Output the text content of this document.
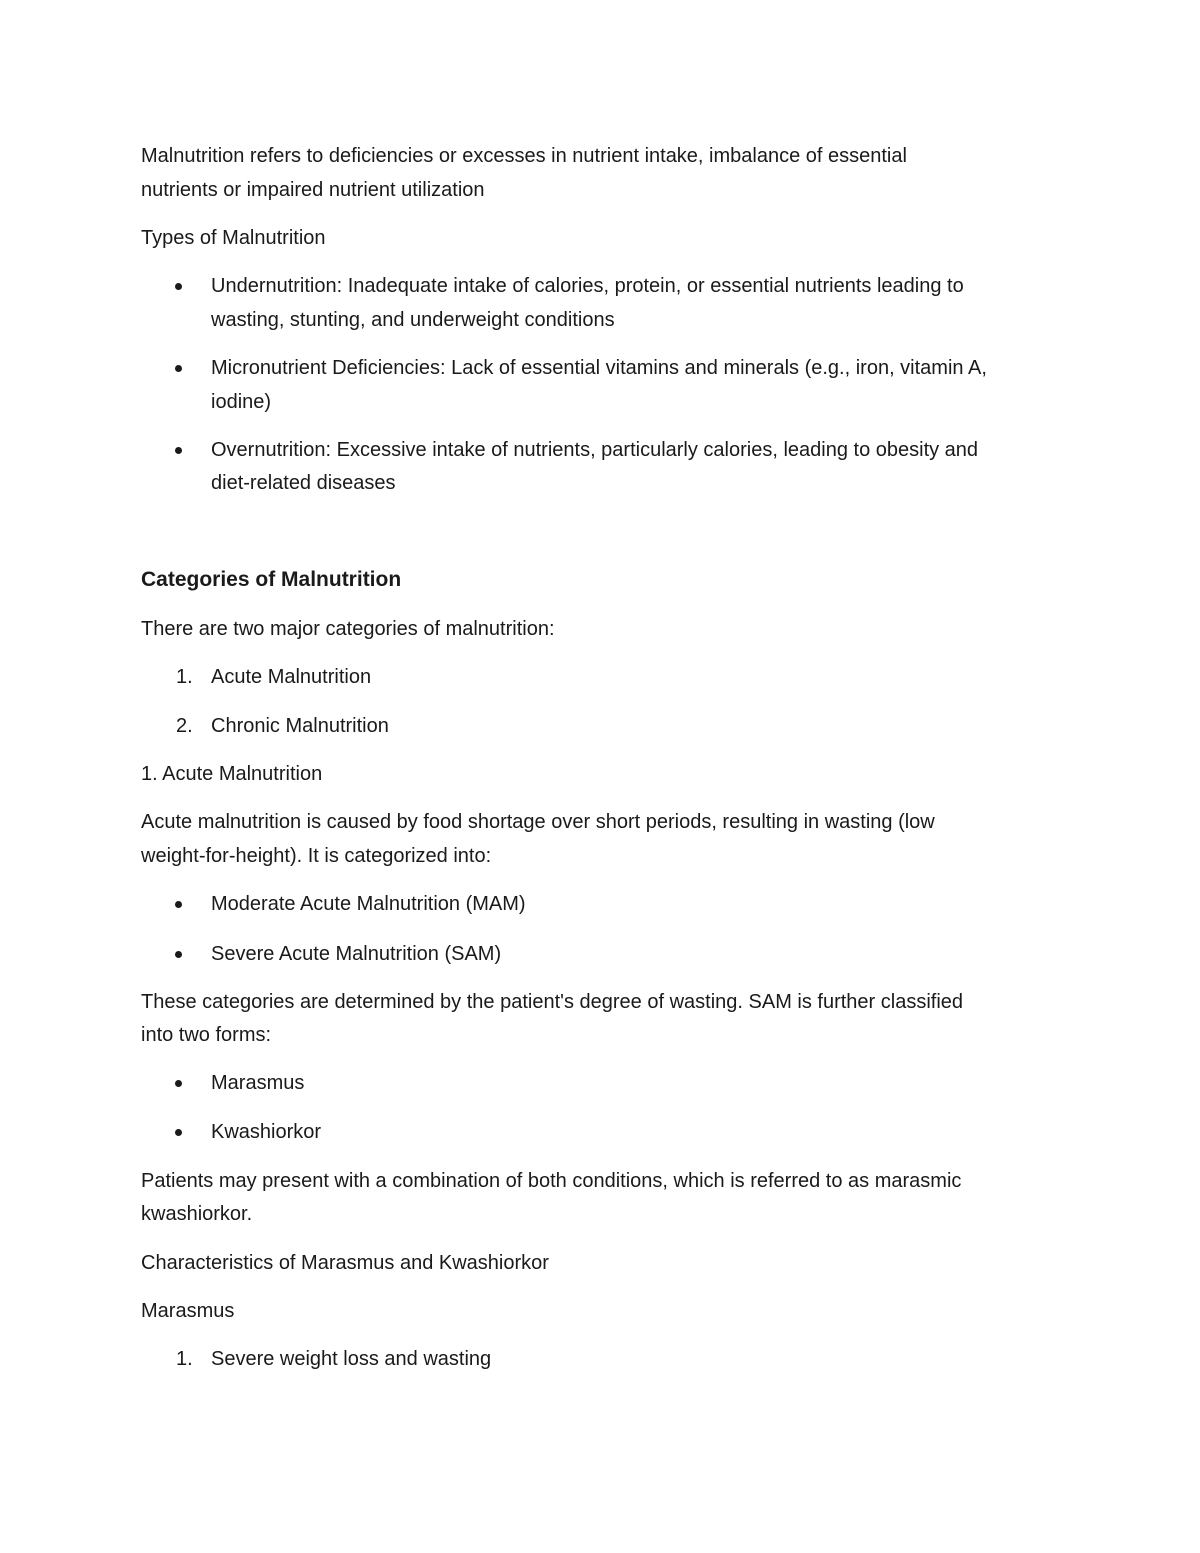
Malnutrition refers to deficiencies or excesses in nutrient intake, imbalance of essential

nutrients or impaired nutrient utilization

Types of Malnutrition

Undernutrition: Inadequate intake of calories, protein, or essential nutrients leading to

wasting, stunting, and underweight conditions

Micronutrient Deficiencies: Lack of essential vitamins and minerals (e.g., iron, vitamin A,

iodine)

Overnutrition: Excessive intake of nutrients, particularly calories, leading to obesity and

diet-related diseases

Categories of Malnutrition

There are two major categories of malnutrition:

1. Acute Malnutrition

2. Chronic Malnutrition

1. Acute Malnutrition

Acute malnutrition is caused by food shortage over short periods, resulting in wasting (low

weight-for-height). It is categorized into:

Moderate Acute Malnutrition (MAM)

Severe Acute Malnutrition (SAM)

These categories are determined by the patient's degree of wasting. SAM is further classified

into two forms:

Marasmus

Kwashiorkor

Patients may present with a combination of both conditions, which is referred to as marasmic

kwashiorkor.

Characteristics of Marasmus and Kwashiorkor

Marasmus

1. Severe weight loss and wasting
